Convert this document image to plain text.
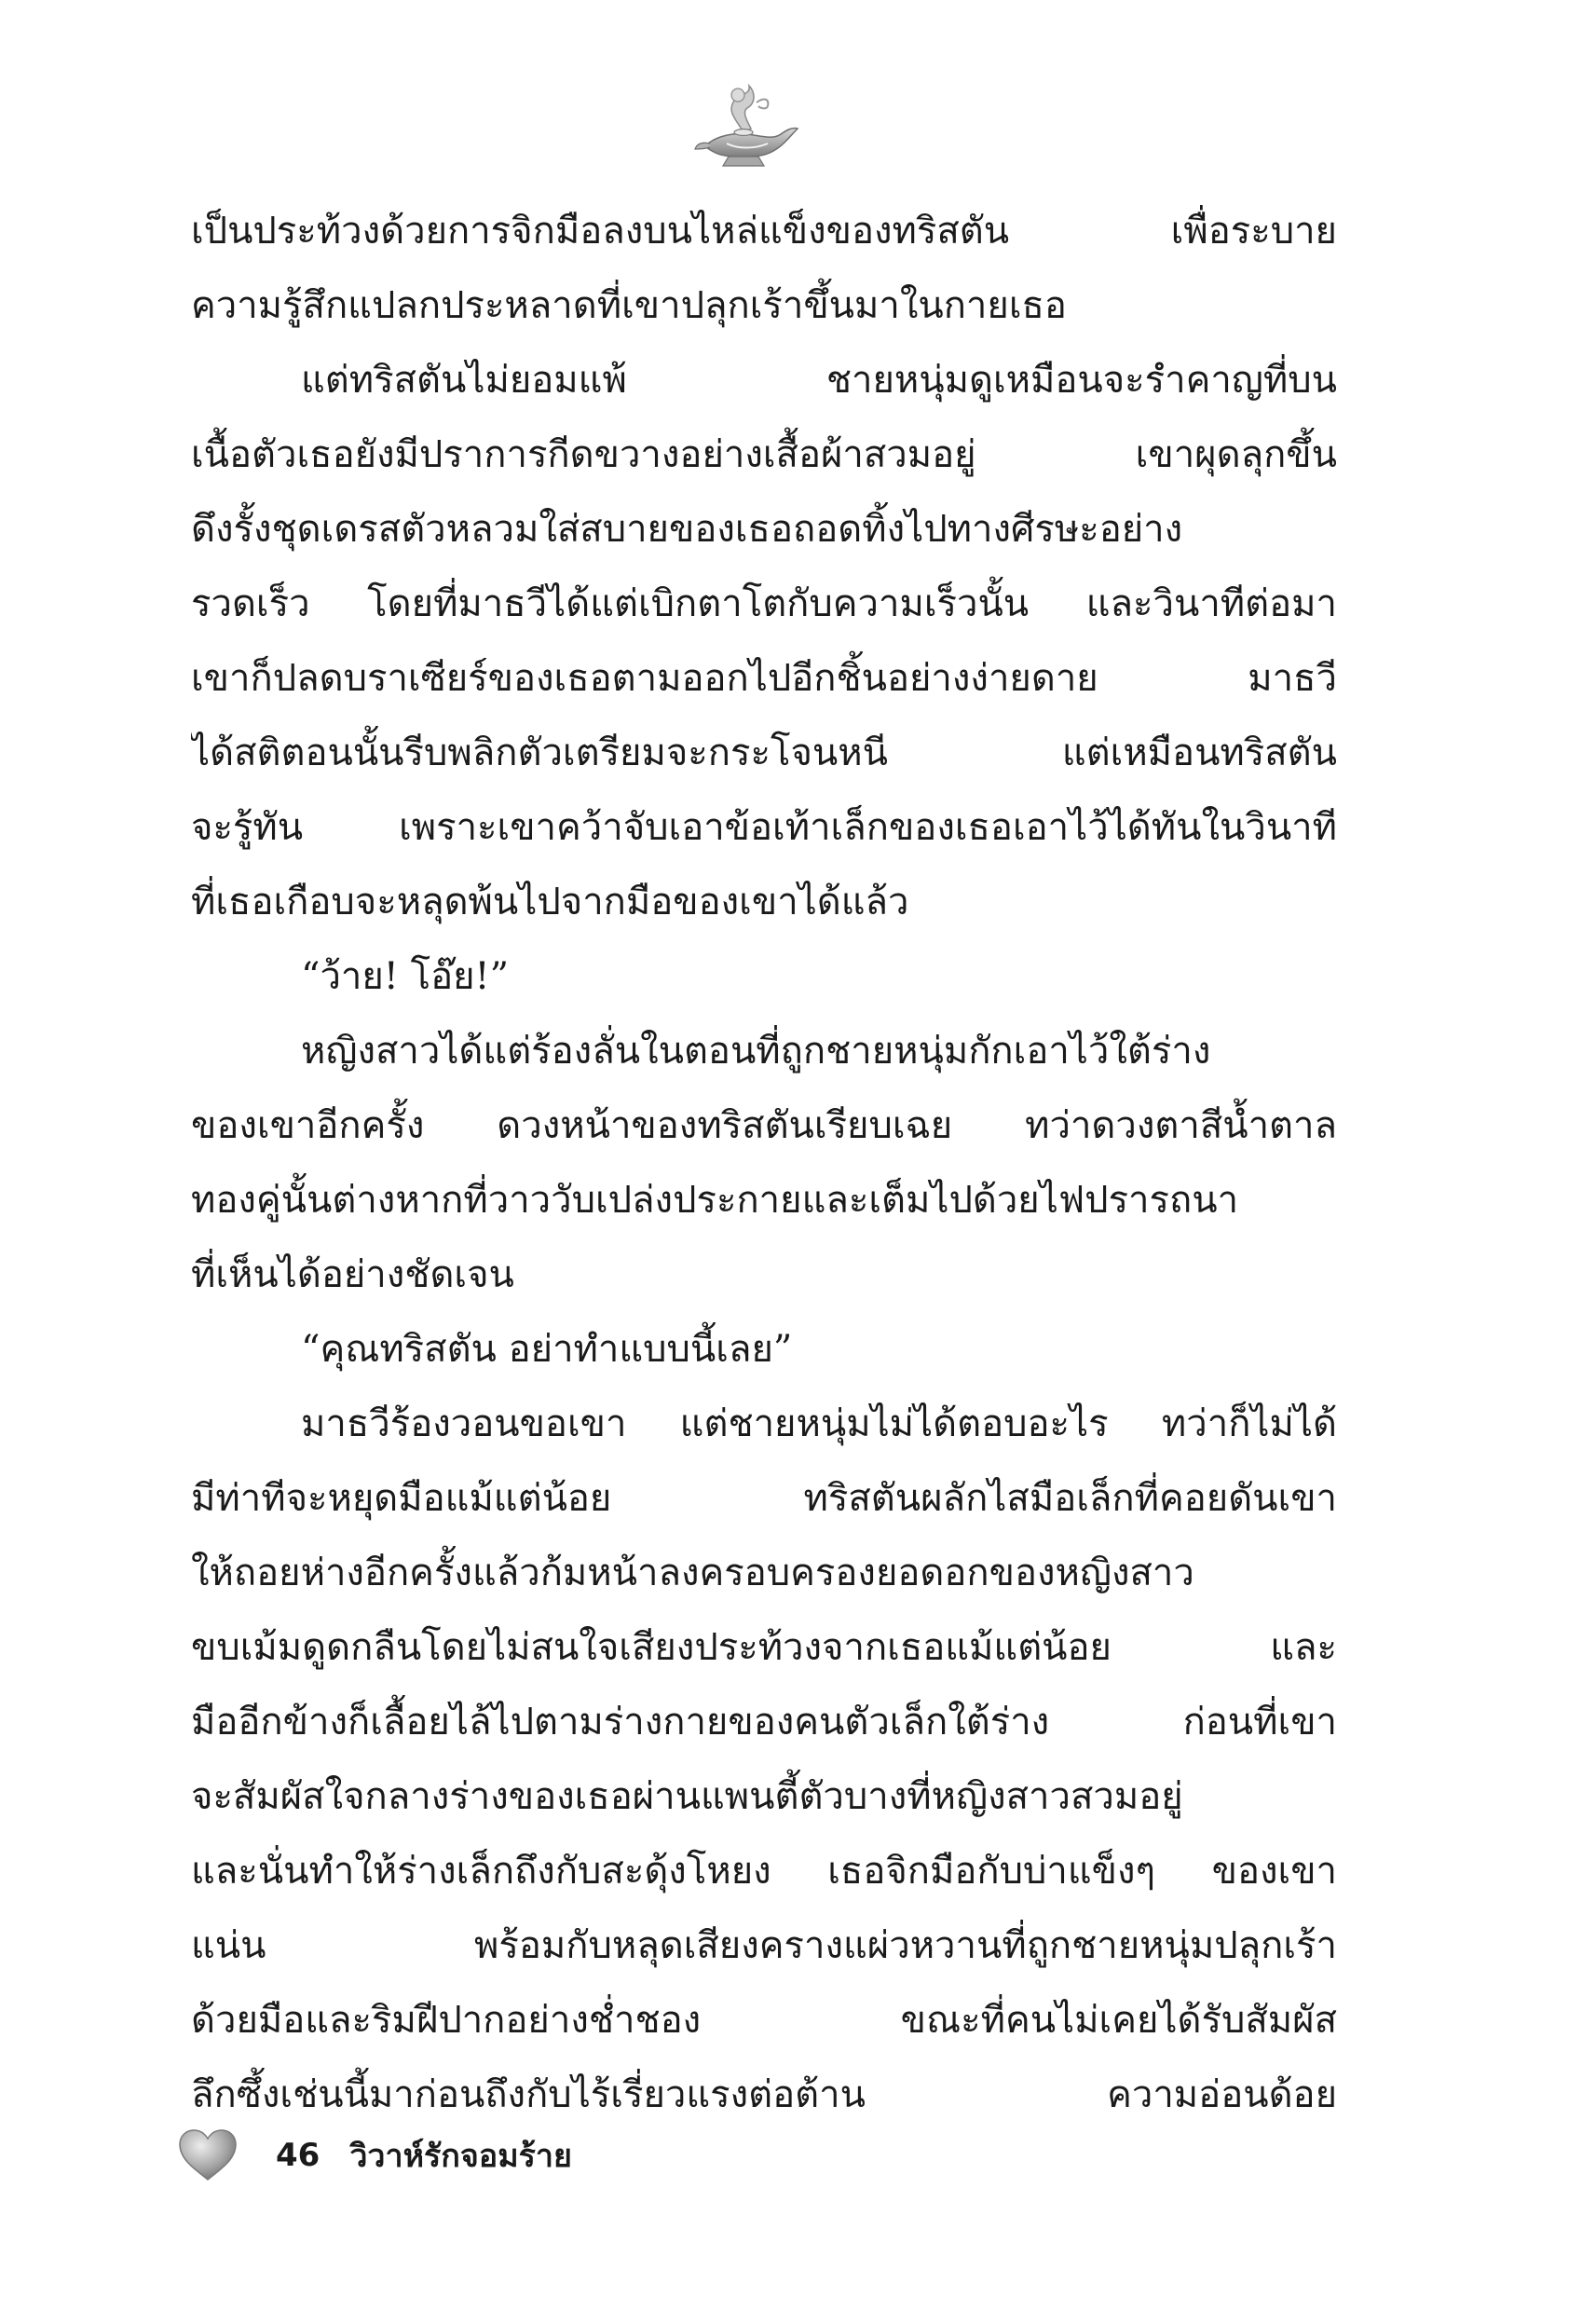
เป็นประท้วงด้วยการจิกมือลงบนไหล่แข็งของทริสตัน เพื่อระบาย
ความรู้สึกแปลกประหลาดที่เขาปลุกเร้าขึ้นมาในกายเธอ
แต่ทริสตันไม่ยอมแพ้ ชายหนุ่มดูเหมือนจะรำคาญที่บน
เนื้อตัวเธอยังมีปราการกีดขวางอย่างเสื้อผ้าสวมอยู่ เขาผุดลุกขึ้น
ดึงรั้งชุดเดรสตัวหลวมใส่สบายของเธอถอดทิ้งไปทางศีรษะอย่าง
รวดเร็ว โดยที่มาธวีได้แต่เบิกตาโตกับความเร็วนั้น และวินาทีต่อมา
เขาก็ปลดบราเซียร์ของเธอตามออกไปอีกชิ้นอย่างง่ายดาย มาธวี
ได้สติตอนนั้นรีบพลิกตัวเตรียมจะกระโจนหนี แต่เหมือนทริสตัน
จะรู้ทัน เพราะเขาคว้าจับเอาข้อเท้าเล็กของเธอเอาไว้ได้ทันในวินาที
ที่เธอเกือบจะหลุดพ้นไปจากมือของเขาได้แล้ว
“ว้าย! โอ๊ย!”
หญิงสาวได้แต่ร้องลั่นในตอนที่ถูกชายหนุ่มกักเอาไว้ใต้ร่าง
ของเขาอีกครั้ง ดวงหน้าของทริสตันเรียบเฉย ทว่าดวงตาสีน้ำตาล
ทองคู่นั้นต่างหากที่วาววับเปล่งประกายและเต็มไปด้วยไฟปรารถนา
ที่เห็นได้อย่างชัดเจน
“คุณทริสตัน อย่าทำแบบนี้เลย”
มาธวีร้องวอนขอเขา แต่ชายหนุ่มไม่ได้ตอบอะไร ทว่าก็ไม่ได้
มีท่าทีจะหยุดมือแม้แต่น้อย ทริสตันผลักไสมือเล็กที่คอยดันเขา
ให้ถอยห่างอีกครั้งแล้วก้มหน้าลงครอบครองยอดอกของหญิงสาว
ขบเม้มดูดกลืนโดยไม่สนใจเสียงประท้วงจากเธอแม้แต่น้อย และ
มืออีกข้างก็เลื้อยไล้ไปตามร่างกายของคนตัวเล็กใต้ร่าง ก่อนที่เขา
จะสัมผัสใจกลางร่างของเธอผ่านแพนตี้ตัวบางที่หญิงสาวสวมอยู่
และนั่นทำให้ร่างเล็กถึงกับสะดุ้งโหยง เธอจิกมือกับบ่าแข็งๆ ของเขา
แน่น พร้อมกับหลุดเสียงครางแผ่วหวานที่ถูกชายหนุ่มปลุกเร้า
ด้วยมือและริมฝีปากอย่างช่ำชอง ขณะที่คนไม่เคยได้รับสัมผัส
ลึกซึ้งเช่นนี้มาก่อนถึงกับไร้เรี่ยวแรงต่อต้าน ความอ่อนด้อย
46 วิวาห์รักจอมร้าย
